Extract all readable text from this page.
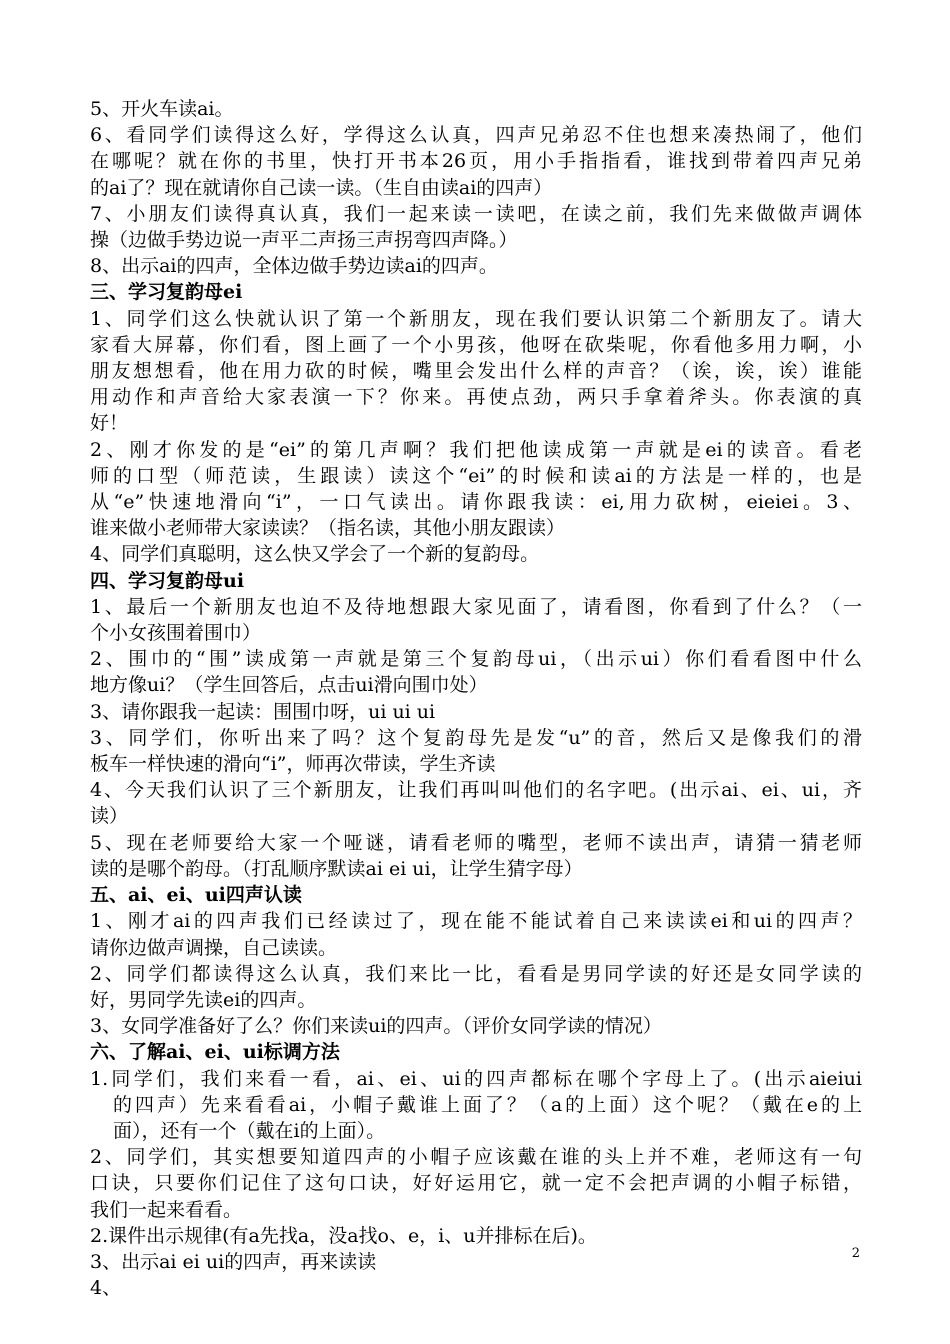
5、开火车读ai。
6、看同学们读得这么好，学得这么认真，四声兄弟忍不住也想来凑热闹了，他们
在哪呢？就在你的书里，快打开书本26页，用小手指指看，谁找到带着四声兄弟
的ai了？现在就请你自己读一读。（生自由读ai的四声）
7、小朋友们读得真认真，我们一起来读一读吧，在读之前，我们先来做做声调体
操（边做手势边说一声平二声扬三声拐弯四声降。）
8、出示ai的四声，全体边做手势边读ai的四声。
三、学习复韵母ei
1、同学们这么快就认识了第一个新朋友，现在我们要认识第二个新朋友了。请大
家看大屏幕，你们看，图上画了一个小男孩，他呀在砍柴呢，你看他多用力啊，小
朋友想想看，他在用力砍的时候，嘴里会发出什么样的声音？（诶，诶，诶）谁能
用动作和声音给大家表演一下？你来。再使点劲，两只手拿着斧头。你表演的真
好！
2、刚才你发的是“ei”的第几声啊？我们把他读成第一声就是ei的读音。看老
师的口型（师范读，生跟读）读这个“ei”的时候和读ai的方法是一样的，也是
从“e”快速地滑向“i”，一口气读出。请你跟我读：ei,用力砍树，eieiei。3、
谁来做小老师带大家读读？（指名读，其他小朋友跟读）
4、同学们真聪明，这么快又学会了一个新的复韵母。
四、学习复韵母ui
1、最后一个新朋友也迫不及待地想跟大家见面了，请看图，你看到了什么？（一
个小女孩围着围巾）
2、围巾的“围”读成第一声就是第三个复韵母ui，（出示ui）你们看看图中什么
地方像ui？（学生回答后，点击ui滑向围巾处）
3、请你跟我一起读：围围巾呀，ui ui ui
3、同学们，你听出来了吗？这个复韵母先是发“u”的音，然后又是像我们的滑
板车一样快速的滑向“i”，师再次带读，学生齐读
4、今天我们认识了三个新朋友，让我们再叫叫他们的名字吧。(出示ai、ei、ui，齐
读）
5、现在老师要给大家一个哑谜，请看老师的嘴型，老师不读出声，请猜一猜老师
读的是哪个韵母。（打乱顺序默读ai ei ui，让学生猜字母）
五、ai、ei、ui四声认读
1、刚才ai的四声我们已经读过了，现在能不能试着自己来读读ei和ui的四声？
请你边做声调操，自己读读。
2、同学们都读得这么认真，我们来比一比，看看是男同学读的好还是女同学读的
好，男同学先读ei的四声。
3、女同学准备好了么？你们来读ui的四声。（评价女同学读的情况）
六、了解ai、ei、ui标调方法
1.同学们，我们来看一看，ai、ei、ui的四声都标在哪个字母上了。(出示aieiui
的四声）先来看看ai，小帽子戴谁上面了？（a的上面）这个呢？（戴在e的上
面），还有一个（戴在i的上面）。
2、同学们，其实想要知道四声的小帽子应该戴在谁的头上并不难，老师这有一句
口诀，只要你们记住了这句口诀，好好运用它，就一定不会把声调的小帽子标错，
我们一起来看看。
2.课件出示规律(有a先找a，没a找o、e，i、u并排标在后)。
3、出示ai ei ui的四声，再来读读
4、
2
